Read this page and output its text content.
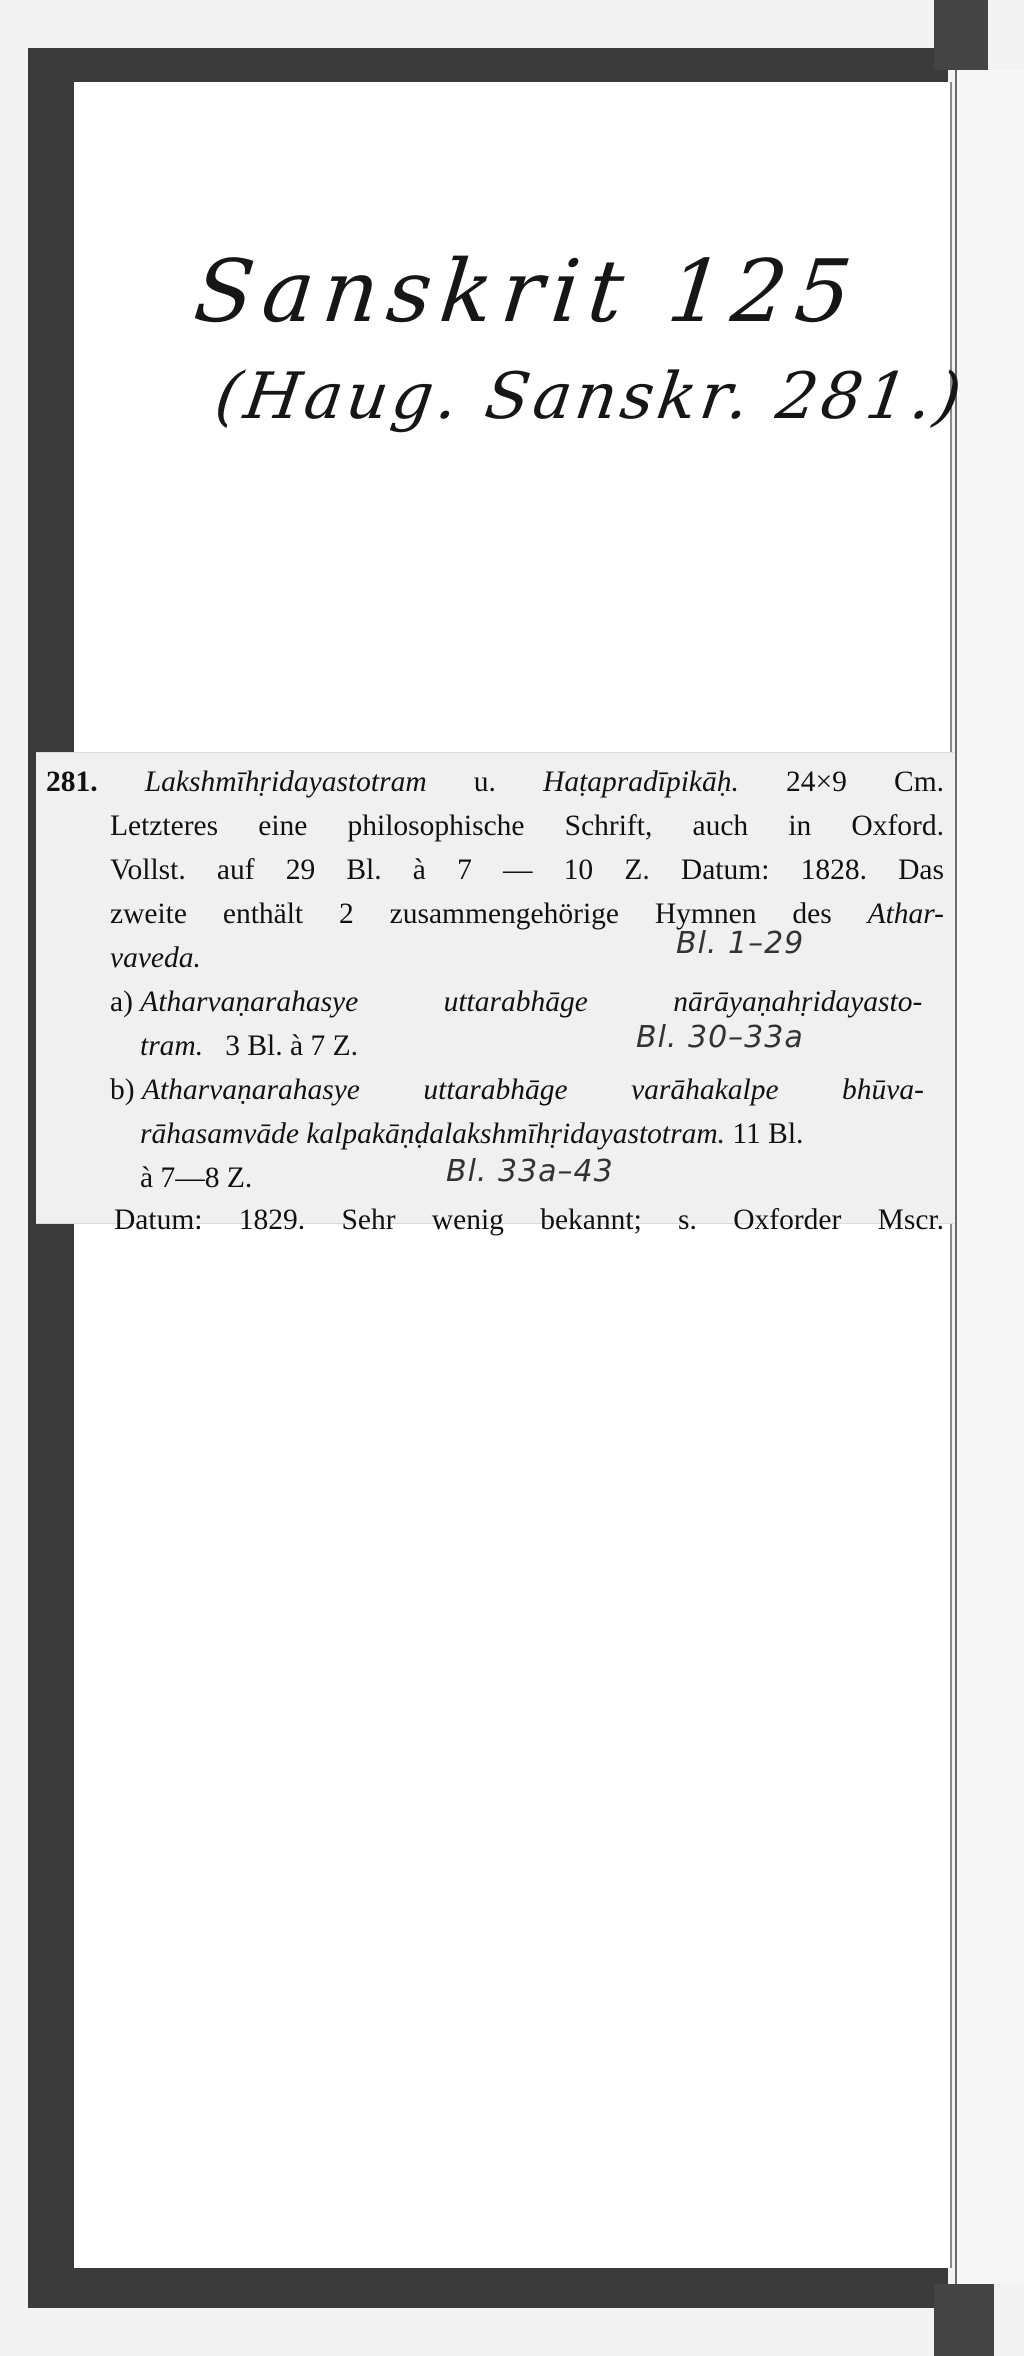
Sanskrit 125
(Haug. Sanskr. 281.)
281. Lakshmīhṛidayastotram u. Haṭapradīpikāḥ. 24×9 Cm.
Letzteres eine philosophische Schrift, auch in Oxford.
Vollst. auf 29 Bl. à 7 — 10 Z. Datum: 1828. Das
zweite enthält 2 zusammengehörige Hymnen des Athar-
vaveda.
a) Atharvaṇarahasye uttarabhāge nārāyaṇahṛidayasto-
tram. 3 Bl. à 7 Z.
b) Atharvaṇarahasye uttarabhāge varāhakalpe bhūva-
rāhasamvāde kalpakāṇḍalakshmīhṛidayastotram. 11 Bl.
à 7—8 Z.
Datum: 1829. Sehr wenig bekannt; s. Oxforder Mscr.
Bl. 1–29
Bl. 30–33a
Bl. 33a–43
